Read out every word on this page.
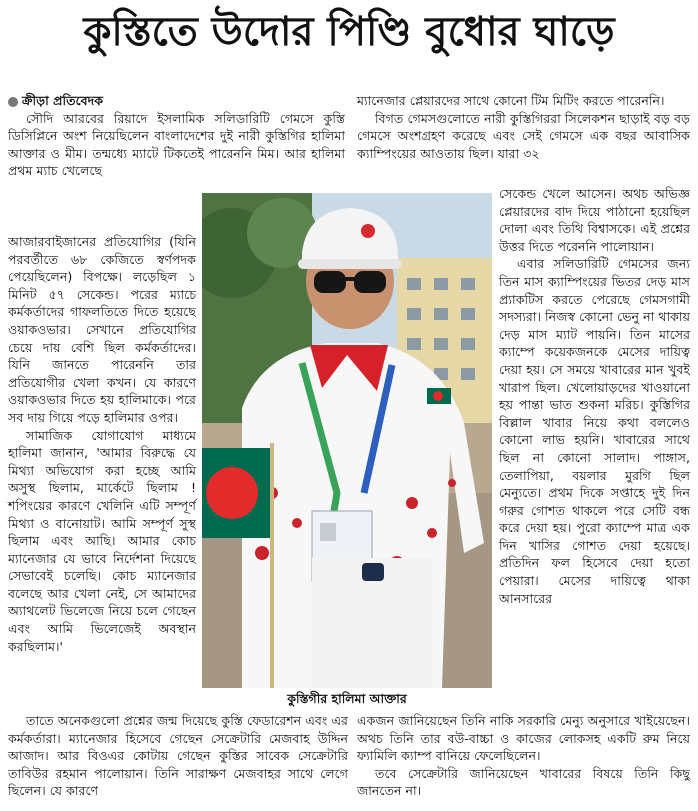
কুস্তিতে উদোর পিণ্ডি বুধোর ঘাড়ে

ক্রীড়া প্রতিবেদক

সৌদি আরবের রিয়াদে ইসলামিক সলিডারিটি গেমসে কুস্তি ডিসিপ্লিনে অংশ নিয়েছিলেন বাংলাদেশের দুই নারী কুস্তিগির হালিমা আক্তার ও মীম। তন্মধ্যে ম্যাটে টিকতেই পারেননি মিম। আর হালিমা প্রথম ম্যাচ খেলেছে

আজারবাইজানের প্রতিযোগির (যিনি পরবর্তীতে ৬৮ কেজিতে স্বর্ণপদক পেয়েছিলেন) বিপক্ষে। লড়েছিল ১ মিনিট ৫৭ সেকেন্ড। পরের ম্যাচে কর্মকর্তাদের গাফলতিতে দিতে হয়েছে ওয়াকওভার। সেখানে প্রতিযোগির চেয়ে দায় বেশি ছিল কর্মকর্তাদের। যিনি জানতে পারেননি তার প্রতিযোগীর খেলা কখন। যে কারণে ওয়াকওভার দিতে হয় হালিমাকে। পরে সব দায় গিয়ে পড়ে হালিমার ওপর।

সামাজিক যোগাযোগ মাধ্যমে হালিমা জানান, 'আমার বিরুদ্ধে যে মিথ্যা অভিযোগ করা হচ্ছে আমি অসুস্থ ছিলাম, মার্কেটে ছিলাম ! শপিংয়ের কারণে খেলিনি এটি সম্পূর্ণ মিথ্যা ও বানোয়াট। আমি সম্পূর্ণ সুস্থ ছিলাম এবং আছি। আমার কোচ ম্যানেজার যে ভাবে নির্দেশনা দিয়েছে সেভাবেই চলেছি। কোচ ম্যানেজার বলেছে আর খেলা নেই, সে আমাদের অ্যাথলেট ভিলেজে নিয়ে চলে গেছেন এবং আমি ভিলেজেই অবস্থান করছিলাম।'

ম্যানেজার প্লেয়ারদের সাথে কোনো টিম মিটিং করতে পারেননি।

বিগত গেমসগুলোতে নারী কুস্তিগিররা সিলেকশন ছাড়াই বড় বড় গেমসে অংশগ্রহণ করেছে এবং সেই গেমসে এক বছর আবাসিক ক্যাম্পিংয়ের আওতায় ছিল। যারা ৩২

সেকেন্ড খেলে আসেন। অথচ অভিজ্ঞ প্লেয়ারদের বাদ দিয়ে পাঠানো হয়েছিল দোলা এবং তিথি বিশ্বাসকে। এই প্রশ্নের উত্তর দিতে পরেননি পালোয়ান।

এবার সলিডারিটি গেমসের জন্য তিন মাস ক্যাম্পিংয়ের ভিতর দেড় মাস প্র্যাকটিস করতে পেরেছে গেমসগামী সদস্যরা। নিজস্ব কোনো ভেনু না থাকায় দেড় মাস ম্যাট পায়নি। তিন মাসের ক্যাম্পে কয়েকজনকে মেসের দায়িত্ব দেয়া হয়। সে সময়ে খাবারের মান খুবই খারাপ ছিল। খেলোয়াড়দের খাওয়ানো হয় পান্তা ভাত শুকনা মরিচ। কুস্তিগির বিল্লাল খাবার নিয়ে কথা বললেও কোনো লাভ হয়নি। খাবারের সাথে ছিল না কোনো সালাদ। পাঙ্গাস, তেলাপিয়া, বয়লার মুরগি ছিল মেন্যুতে। প্রথম দিকে সপ্তাহে দুই দিন গরুর গোশত থাকলে পরে সেটি বন্ধ করে দেয়া হয়। পুরো ক্যাম্পে মাত্র এক দিন খাসির গোশত দেয়া হয়েছে। প্রতিদিন ফল হিসেবে দেয়া হতো পেয়ারা। মেসের দায়িত্বে থাকা আনসারের

কুস্তিগীর হালিমা আক্তার

তাতে অনেকগুলো প্রশ্নের জন্ম দিয়েছে কুস্তি ফেডারেশন এবং এর কর্মকর্তারা। ম্যানেজার হিসেবে গেছেন সেক্রেটারি মেজবাহ উদ্দিন আজাদ। আর বিওএর কোটায় গেছেন কুস্তির সাবেক সেক্রেটারি তাবিউর রহমান পালোয়ান। তিনি সারাক্ষণ মেজবাহর সাথে লেগে ছিলেন। যে কারণে

একজন জানিয়েছেন তিনি নাকি সরকারি মেন্যু অনুসারে খাইয়েছেন। অথচ তিনি তার বউ-বাচ্চা ও কাজের লোকসহ একটি রুম নিয়ে ফ্যামিলি ক্যাম্প বানিয়ে ফেলেছিলেন।

তবে সেক্রেটারি জানিয়েছেন খাবারের বিষয়ে তিনি কিছু জানতেন না।
